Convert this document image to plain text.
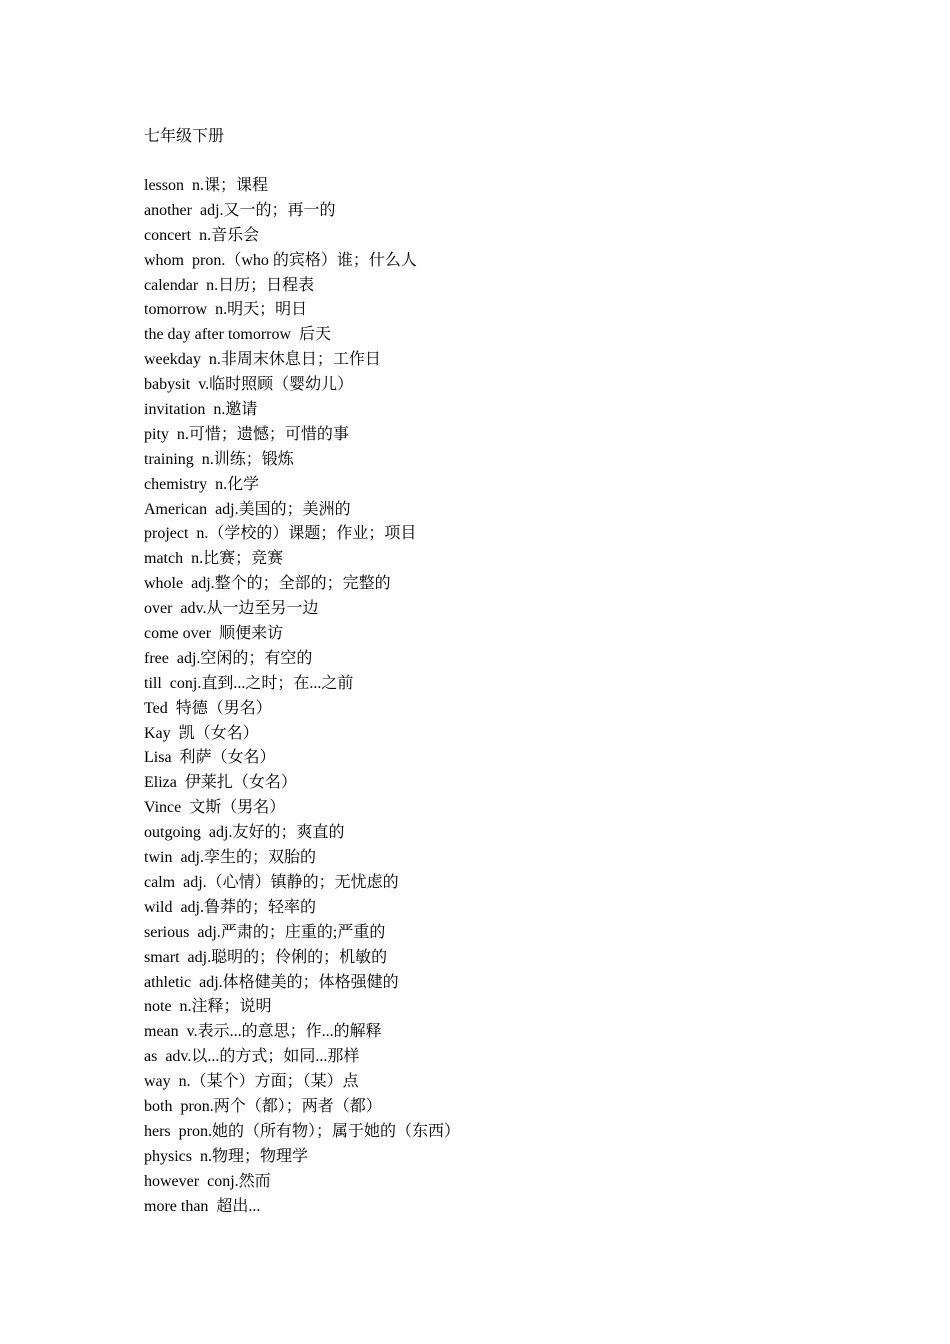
七年级下册
lesson  n.课；课程
another  adj.又一的；再一的
concert  n.音乐会
whom  pron.（who 的宾格）谁；什么人
calendar  n.日历；日程表
tomorrow  n.明天；明日
the day after tomorrow  后天
weekday  n.非周末休息日；工作日
babysit  v.临时照顾（婴幼儿）
invitation  n.邀请
pity  n.可惜；遗憾；可惜的事
training  n.训练；锻炼
chemistry  n.化学
American  adj.美国的；美洲的
project  n.（学校的）课题；作业；项目
match  n.比赛；竞赛
whole  adj.整个的；全部的；完整的
over  adv.从一边至另一边
come over  顺便来访
free  adj.空闲的；有空的
till  conj.直到...之时；在...之前
Ted  特德（男名）
Kay  凯（女名）
Lisa  利萨（女名）
Eliza  伊莱扎（女名）
Vince  文斯（男名）
outgoing  adj.友好的；爽直的
twin  adj.孪生的；双胎的
calm  adj.（心情）镇静的；无忧虑的
wild  adj.鲁莽的；轻率的
serious  adj.严肃的；庄重的;严重的
smart  adj.聪明的；伶俐的；机敏的
athletic  adj.体格健美的；体格强健的
note  n.注释；说明
mean  v.表示...的意思；作...的解释
as  adv.以...的方式；如同...那样
way  n.（某个）方面；（某）点
both  pron.两个（都）；两者（都）
hers  pron.她的（所有物）；属于她的（东西）
physics  n.物理；物理学
however  conj.然而
more than  超出...
